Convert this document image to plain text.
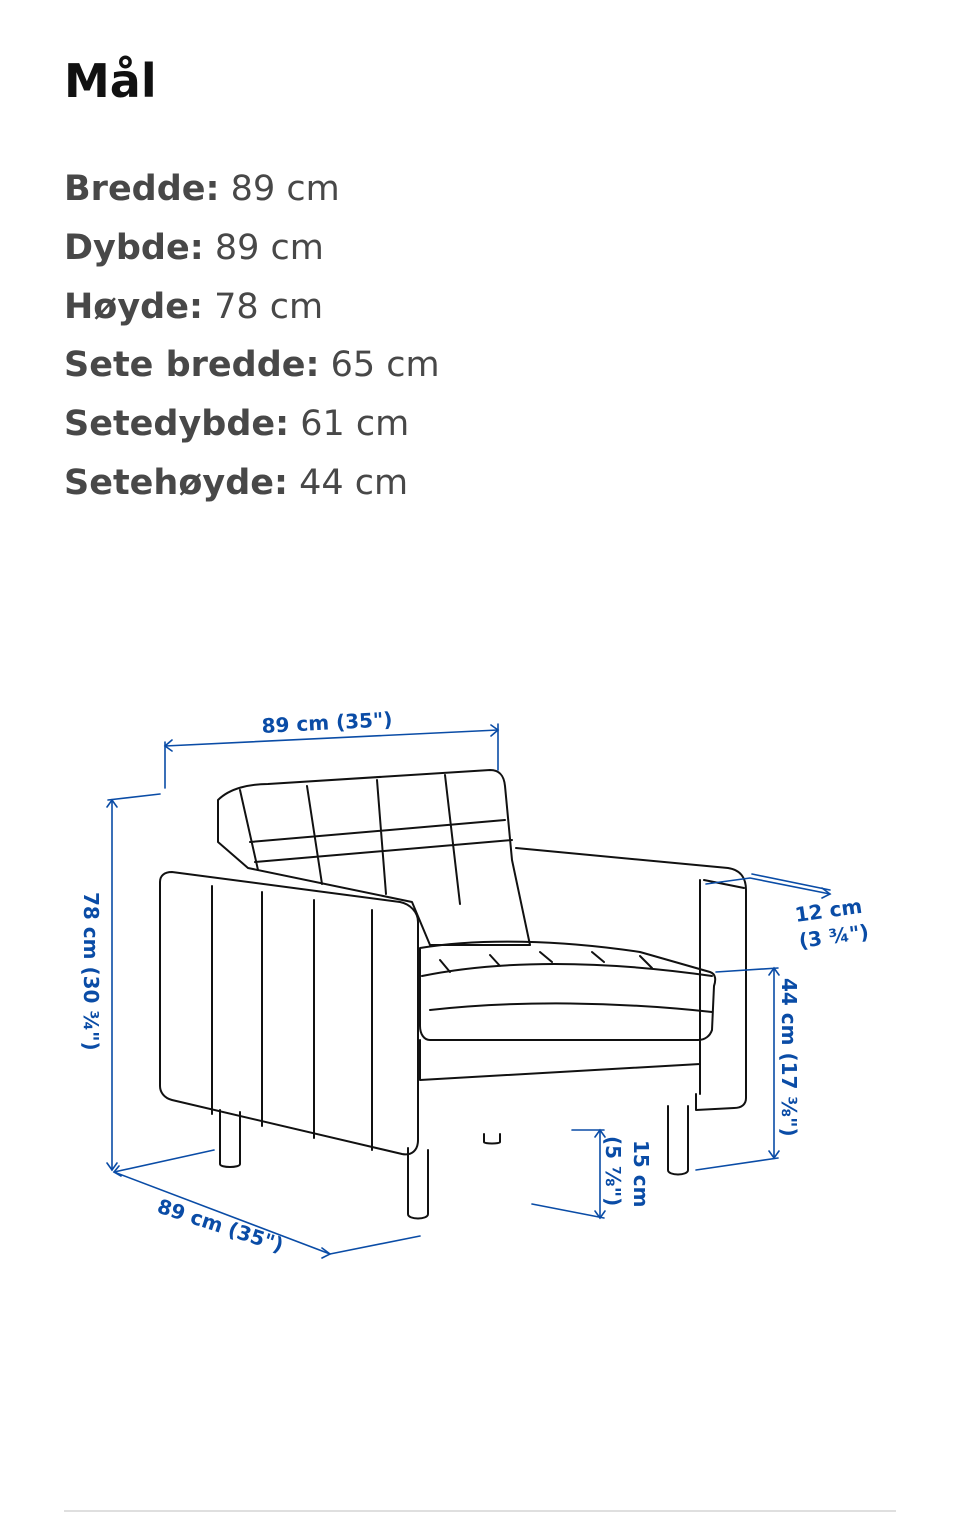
Mål
Bredde: 89 cm
Dybde: 89 cm
Høyde: 78 cm
Sete bredde: 65 cm
Setedybde: 61 cm
Setehøyde: 44 cm
89 cm (35")
78 cm (30 ¾")
89 cm (35")
12 cm
(3 ¾")
44 cm (17 ⅜")
15 cm
(5 ⅞")
